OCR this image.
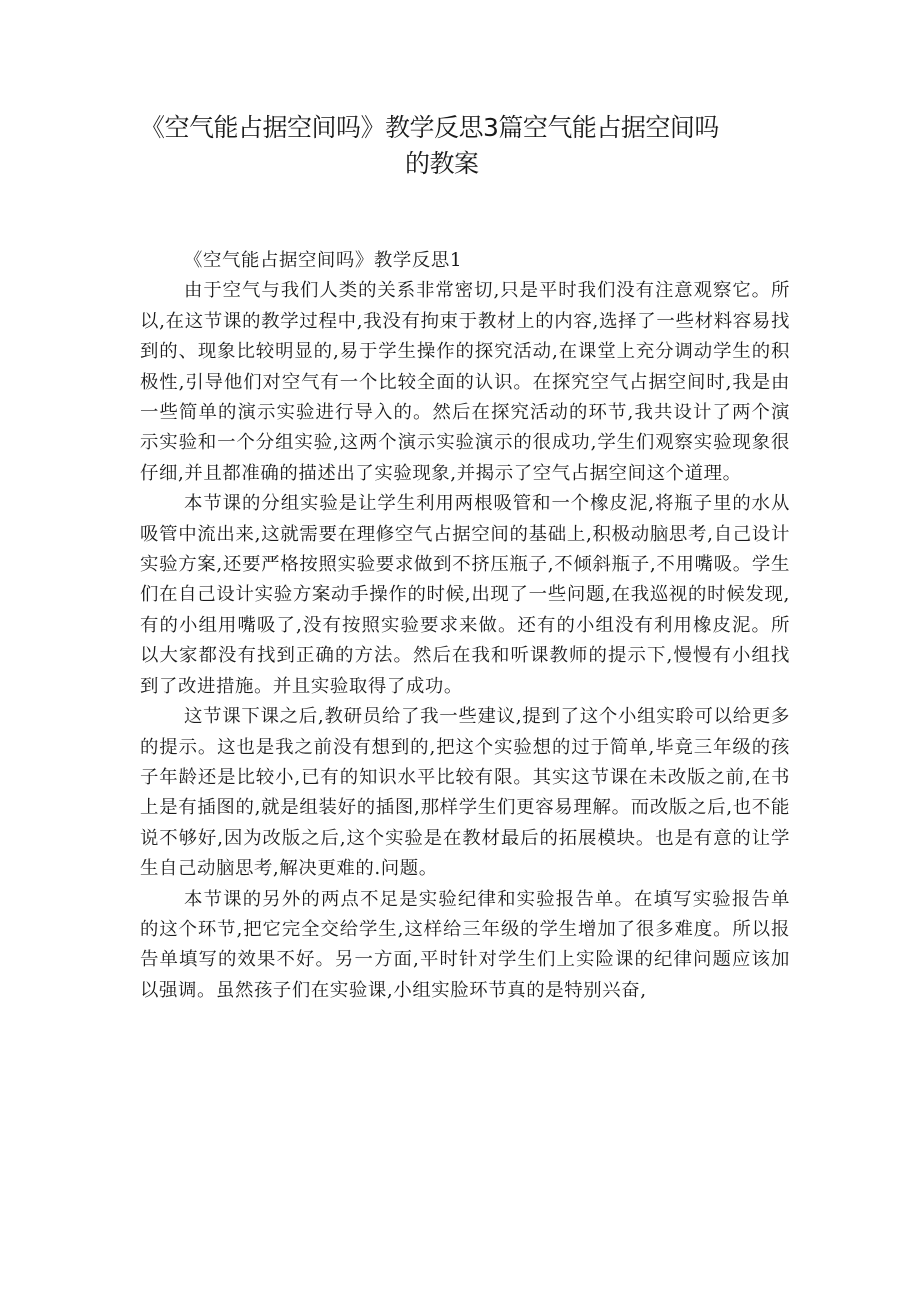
《空气能占据空间吗》教学反思3篇空气能占据空间吗
的教案
《空气能占据空间吗》教学反思1

由于空气与我们人类的关系非常密切,只是平时我们没有注意观察它。所以,在这节课的教学过程中,我没有拘束于教材上的内容,选择了一些材料容易找到的、现象比较明显的,易于学生操作的探究活动,在课堂上充分调动学生的积极性,引导他们对空气有一个比较全面的认识。在探究空气占据空间时,我是由一些简单的演示实验进行导入的。然后在探究活动的环节,我共设计了两个演示实验和一个分组实验,这两个演示实验演示的很成功,学生们观察实验现象很仔细,并且都准确的描述出了实验现象,并揭示了空气占据空间这个道理。

本节课的分组实验是让学生利用两根吸管和一个橡皮泥,将瓶子里的水从吸管中流出来,这就需要在理修空气占据空间的基础上,积极动脑思考,自己设计实验方案,还要严格按照实验要求做到不挤压瓶子,不倾斜瓶子,不用嘴吸。学生们在自己设计实验方案动手操作的时候,出现了一些问题,在我巡视的时候发现,有的小组用嘴吸了,没有按照实验要求来做。还有的小组没有利用橡皮泥。所以大家都没有找到正确的方法。然后在我和听课教师的提示下,慢慢有小组找到了改进措施。并且实验取得了成功。

这节课下课之后,教研员给了我一些建议,提到了这个小组实聆可以给更多的提示。这也是我之前没有想到的,把这个实验想的过于简单,毕竟三年级的孩子年龄还是比较小,已有的知识水平比较有限。其实这节课在未改版之前,在书上是有插图的,就是组装好的插图,那样学生们更容易理解。而改版之后,也不能说不够好,因为改版之后,这个实验是在教材最后的拓展模块。也是有意的让学生自己动脑思考,解决更难的.问题。

本节课的另外的两点不足是实验纪律和实验报告单。在填写实验报告单的这个环节,把它完全交给学生,这样给三年级的学生增加了很多难度。所以报告单填写的效果不好。另一方面,平时针对学生们上实险课的纪律问题应该加以强调。虽然孩子们在实验课,小组实脸环节真的是特别兴奋,
